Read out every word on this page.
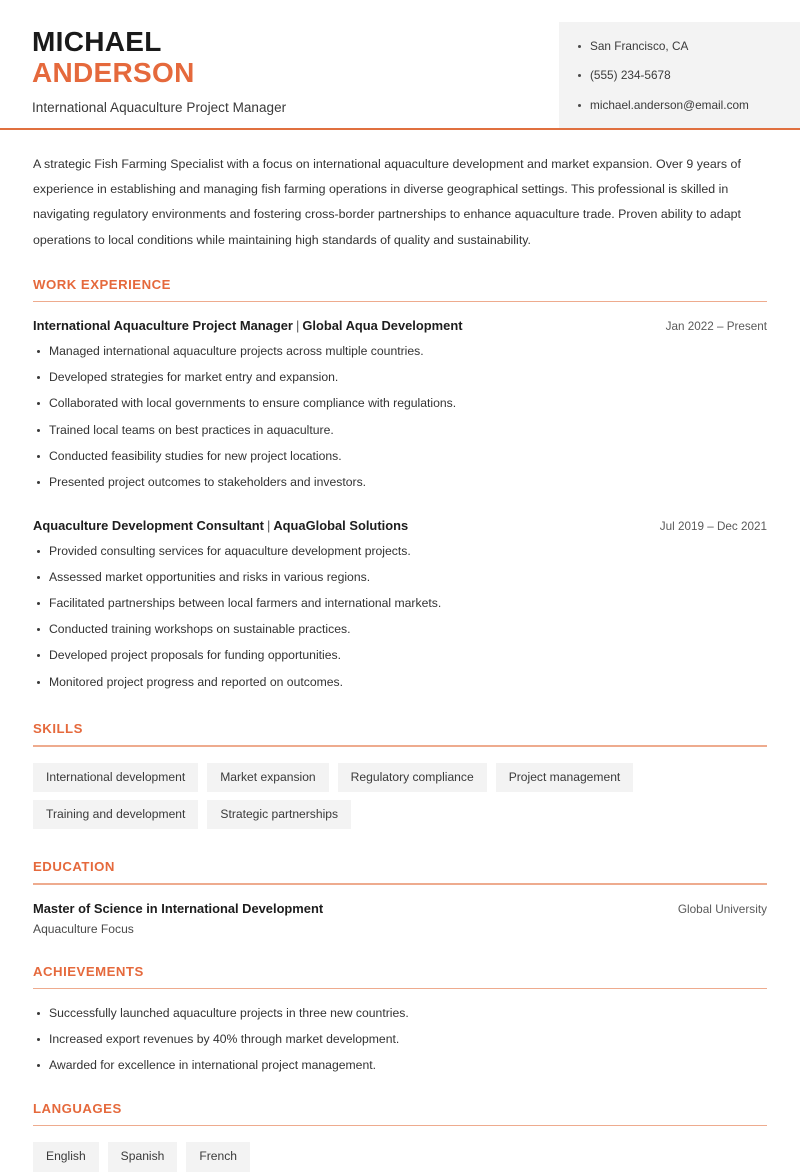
MICHAEL
ANDERSON
International Aquaculture Project Manager
San Francisco, CA
(555) 234-5678
michael.anderson@email.com

A strategic Fish Farming Specialist with a focus on international aquaculture development and market expansion. Over 9 years of experience in establishing and managing fish farming operations in diverse geographical settings. This professional is skilled in navigating regulatory environments and fostering cross-border partnerships to enhance aquaculture trade. Proven ability to adapt operations to local conditions while maintaining high standards of quality and sustainability.

WORK EXPERIENCE
International Aquaculture Project Manager | Global Aqua Development	Jan 2022 – Present
Managed international aquaculture projects across multiple countries.
Developed strategies for market entry and expansion.
Collaborated with local governments to ensure compliance with regulations.
Trained local teams on best practices in aquaculture.
Conducted feasibility studies for new project locations.
Presented project outcomes to stakeholders and investors.
Aquaculture Development Consultant | AquaGlobal Solutions	Jul 2019 – Dec 2021
Provided consulting services for aquaculture development projects.
Assessed market opportunities and risks in various regions.
Facilitated partnerships between local farmers and international markets.
Conducted training workshops on sustainable practices.
Developed project proposals for funding opportunities.
Monitored project progress and reported on outcomes.
SKILLS
International development	Market expansion	Regulatory compliance	Project management
Training and development	Strategic partnerships
EDUCATION
Master of Science in International Development	Global University
Aquaculture Focus
ACHIEVEMENTS
Successfully launched aquaculture projects in three new countries.
Increased export revenues by 40% through market development.
Awarded for excellence in international project management.
LANGUAGES
English	Spanish	French
